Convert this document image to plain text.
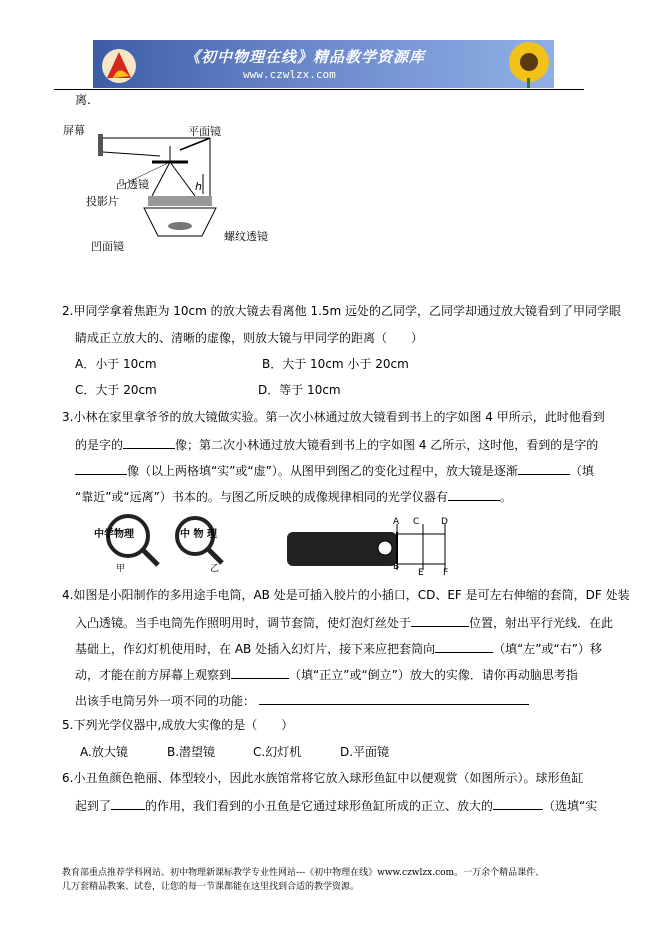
《初中物理在线》精品教学资源库
www.czwlzx.com
离.
屏幕	平面镜
凸透镜	h
投影片
凹面镜
螺纹透镜
2.甲同学拿着焦距为 10cm 的放大镜去看离他 1.5m 远处的乙同学，乙同学却通过放大镜看到了甲同学眼
睛成正立放大的、清晰的虚像，则放大镜与甲同学的距离（　　）
A．小于 10cm	B．大于 10cm 小于 20cm
C．大于 20cm	D．等于 10cm
3.小林在家里拿爷爷的放大镜做实验。第一次小林通过放大镜看到书上的字如图 4 甲所示，此时他看到
的是字的	像；第二次小林通过放大镜看到书上的字如图 4 乙所示，这时他，看到的是字的
像（以上两格填“实”或“虚”）。从图甲到图乙的变化过程中，放大镜是逐渐	（填
“靠近”或“远离”）书本的。与图乙所反映的成像规律相同的光学仪器有	。
中学物理
甲
中 物 理
乙
A C D
B
E F
4.如图是小阳制作的多用途手电筒，AB 处是可插入胶片的小插口，CD、EF 是可左右伸缩的套筒，DF 处装
入凸透镜。当手电筒先作照明用时，调节套筒，使灯泡灯丝处于	位置，射出平行光线．在此
基础上，作幻灯机使用时，在 AB 处插入幻灯片，接下来应把套筒向	（填“左”或“右”）移
动，才能在前方屏幕上观察到	（填“正立”或“倒立”）放大的实像．请你再动脑思考指
出该手电筒另外一项不同的功能：
5.下列光学仪器中,成放大实像的是（　　）
A.放大镜	B.潜望镜	C.幻灯机	D.平面镜
6.小丑鱼颜色艳丽、体型较小，因此水族馆常将它放入球形鱼缸中以便观赏（如图所示）。球形鱼缸
起到了	的作用，我们看到的小丑鱼是它通过球形鱼缸所成的正立、放大的	（选填“实
教育部重点推荐学科网站、初中物理新课标教学专业性网站---《初中物理在线》www.czwlzx.com。一万余个精品课件、
几万套精品教案、试卷，让您的每一节课都能在这里找到合适的教学资源。
